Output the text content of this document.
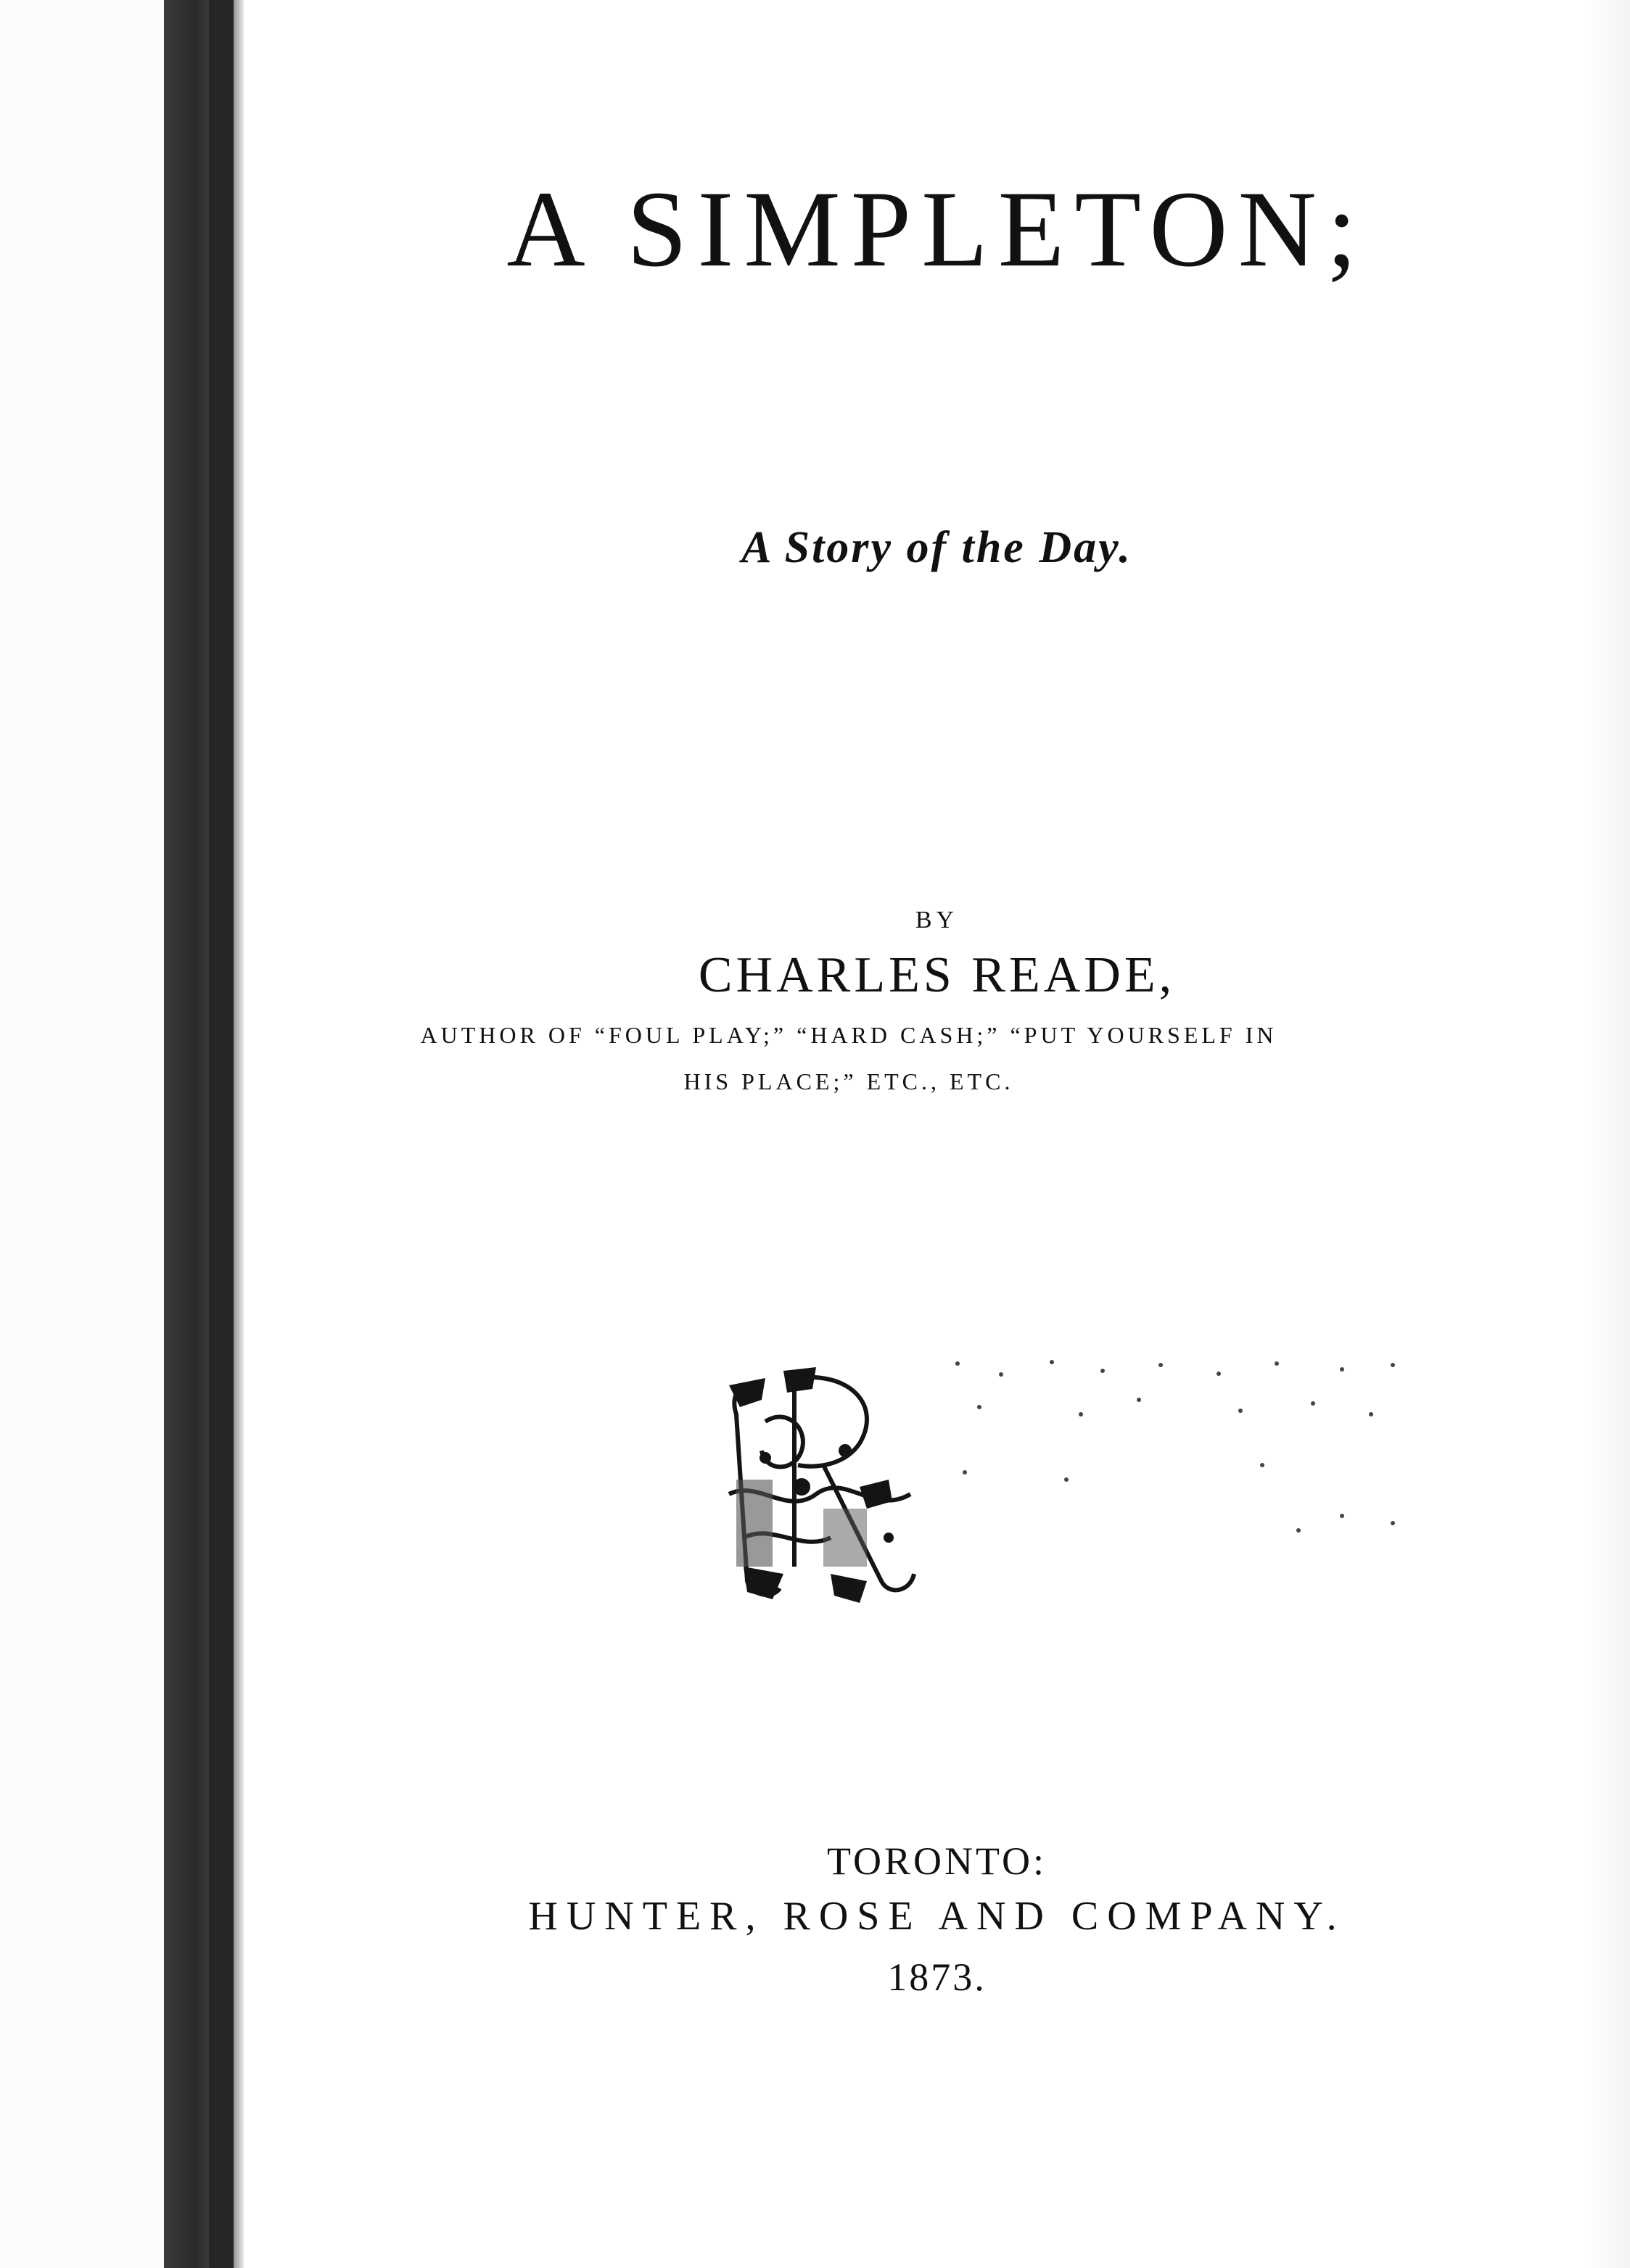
A SIMPLETON;
A Story of the Day.
BY
CHARLES READE,
AUTHOR OF “FOUL PLAY;” “HARD CASH;” “PUT YOURSELF IN
HIS PLACE;” ETC., ETC.
TORONTO:
HUNTER, ROSE AND COMPANY.
1873.
